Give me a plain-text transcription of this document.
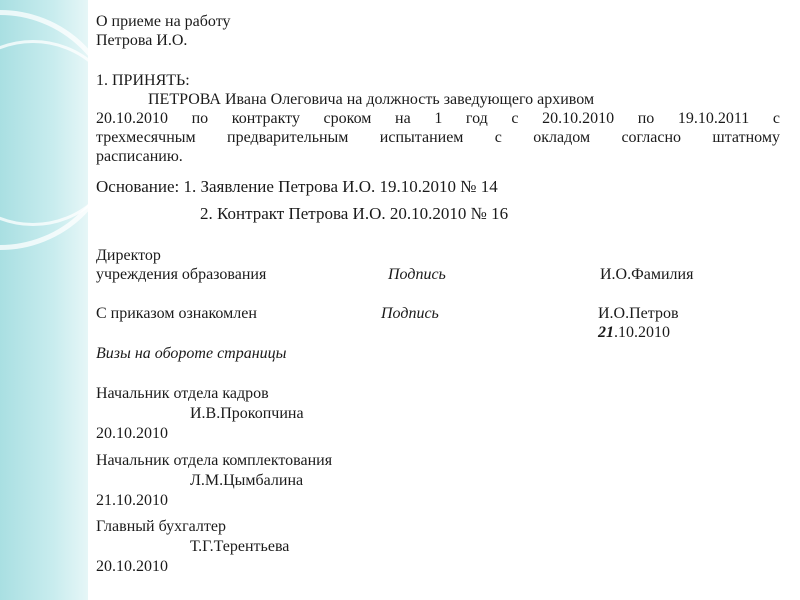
О приеме на работу
Петрова И.О.
1. ПРИНЯТЬ:
ПЕТРОВА Ивана Олеговича на должность заведующего архивом
20.10.2010 по контракту сроком на 1 год с 20.10.2010 по 19.10.2011 с
трехмесячным предварительным испытанием с окладом согласно штатному
расписанию.
Основание: 1. Заявление Петрова И.О. 19.10.2010 № 14
2. Контракт Петрова И.О. 20.10.2010 № 16
Директор
учреждения образования	Подпись	И.О.Фамилия
С приказом ознакомлен	Подпись	И.О.Петров
21.10.2010
Визы на обороте страницы
Начальник отдела кадров
И.В.Прокопчина
20.10.2010
Начальник отдела комплектования
Л.М.Цымбалина
21.10.2010
Главный бухгалтер
Т.Г.Терентьева
20.10.2010
